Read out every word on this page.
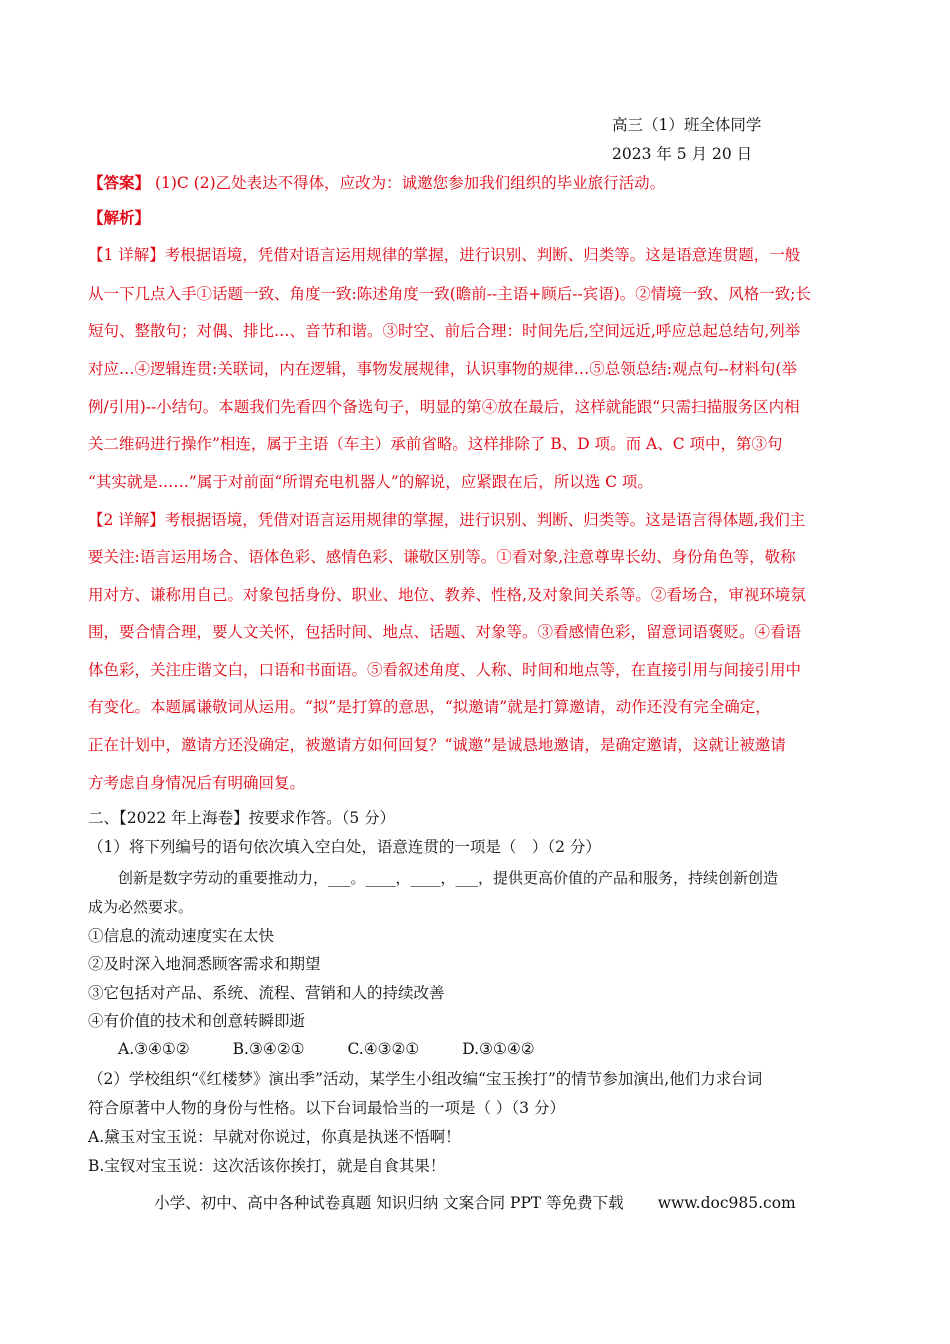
高三（1）班全体同学
2023 年 5 月 20 日
【答案】 (1)C (2)乙处表达不得体，应改为：诚邀您参加我们组织的毕业旅行活动。
【解析】
【1 详解】考根据语境，凭借对语言运用规律的掌握，进行识别、判断、归类等。这是语意连贯题，一般
从一下几点入手①话题一致、角度一致:陈述角度一致(瞻前--主语+顾后--宾语)。②情境一致、风格一致;长
短句、整散句；对偶、排比…、音节和谐。③时空、前后合理：时间先后,空间远近,呼应总起总结句,列举
对应…④逻辑连贯:关联词，内在逻辑，事物发展规律，认识事物的规律…⑤总领总结:观点句--材料句(举
例/引用)--小结句。本题我们先看四个备选句子，明显的第④放在最后，这样就能跟“只需扫描服务区内相
关二维码进行操作”相连，属于主语（车主）承前省略。这样排除了 B、D 项。而 A、C 项中，第③句
“其实就是……”属于对前面“所谓充电机器人”的解说，应紧跟在后，所以选 C 项。
【2 详解】考根据语境，凭借对语言运用规律的掌握，进行识别、判断、归类等。这是语言得体题,我们主
要关注:语言运用场合、语体色彩、感情色彩、谦敬区别等。①看对象,注意尊卑长幼、身份角色等，敬称
用对方、谦称用自己。对象包括身份、职业、地位、教养、性格,及对象间关系等。②看场合，审视环境氛
围，要合情合理，要人文关怀，包括时间、地点、话题、对象等。③看感情色彩，留意词语褒贬。④看语
体色彩，关注庄谐文白，口语和书面语。⑤看叙述角度、人称、时间和地点等，在直接引用与间接引用中
有变化。本题属谦敬词从运用。“拟”是打算的意思，“拟邀请”就是打算邀请，动作还没有完全确定，
正在计划中，邀请方还没确定，被邀请方如何回复？“诚邀”是诚恳地邀请，是确定邀请，这就让被邀请
方考虑自身情况后有明确回复。
二、【2022 年上海卷】按要求作答。（5 分）
（1）将下列编号的语句依次填入空白处，语意连贯的一项是（　）（2 分）
创新是数字劳动的重要推动力，___。____，____，___，提供更高价值的产品和服务，持续创新创造
成为必然要求。
①信息的流动速度实在太快
②及时深入地洞悉顾客需求和期望
③它包括对产品、系统、流程、营销和人的持续改善
④有价值的技术和创意转瞬即逝
A.③④①②	B.③④②①	C.④③②①	D.③①④②
（2）学校组织“《红楼梦》演出季”活动，某学生小组改编“宝玉挨打”的情节参加演出,他们力求台词
符合原著中人物的身份与性格。以下台词最恰当的一项是（ ）（3 分）
A.黛玉对宝玉说：早就对你说过，你真是执迷不悟啊！
B.宝钗对宝玉说：这次活该你挨打，就是自食其果！
小学、初中、高中各种试卷真题 知识归纳 文案合同 PPT 等免费下载 www.doc985.com
